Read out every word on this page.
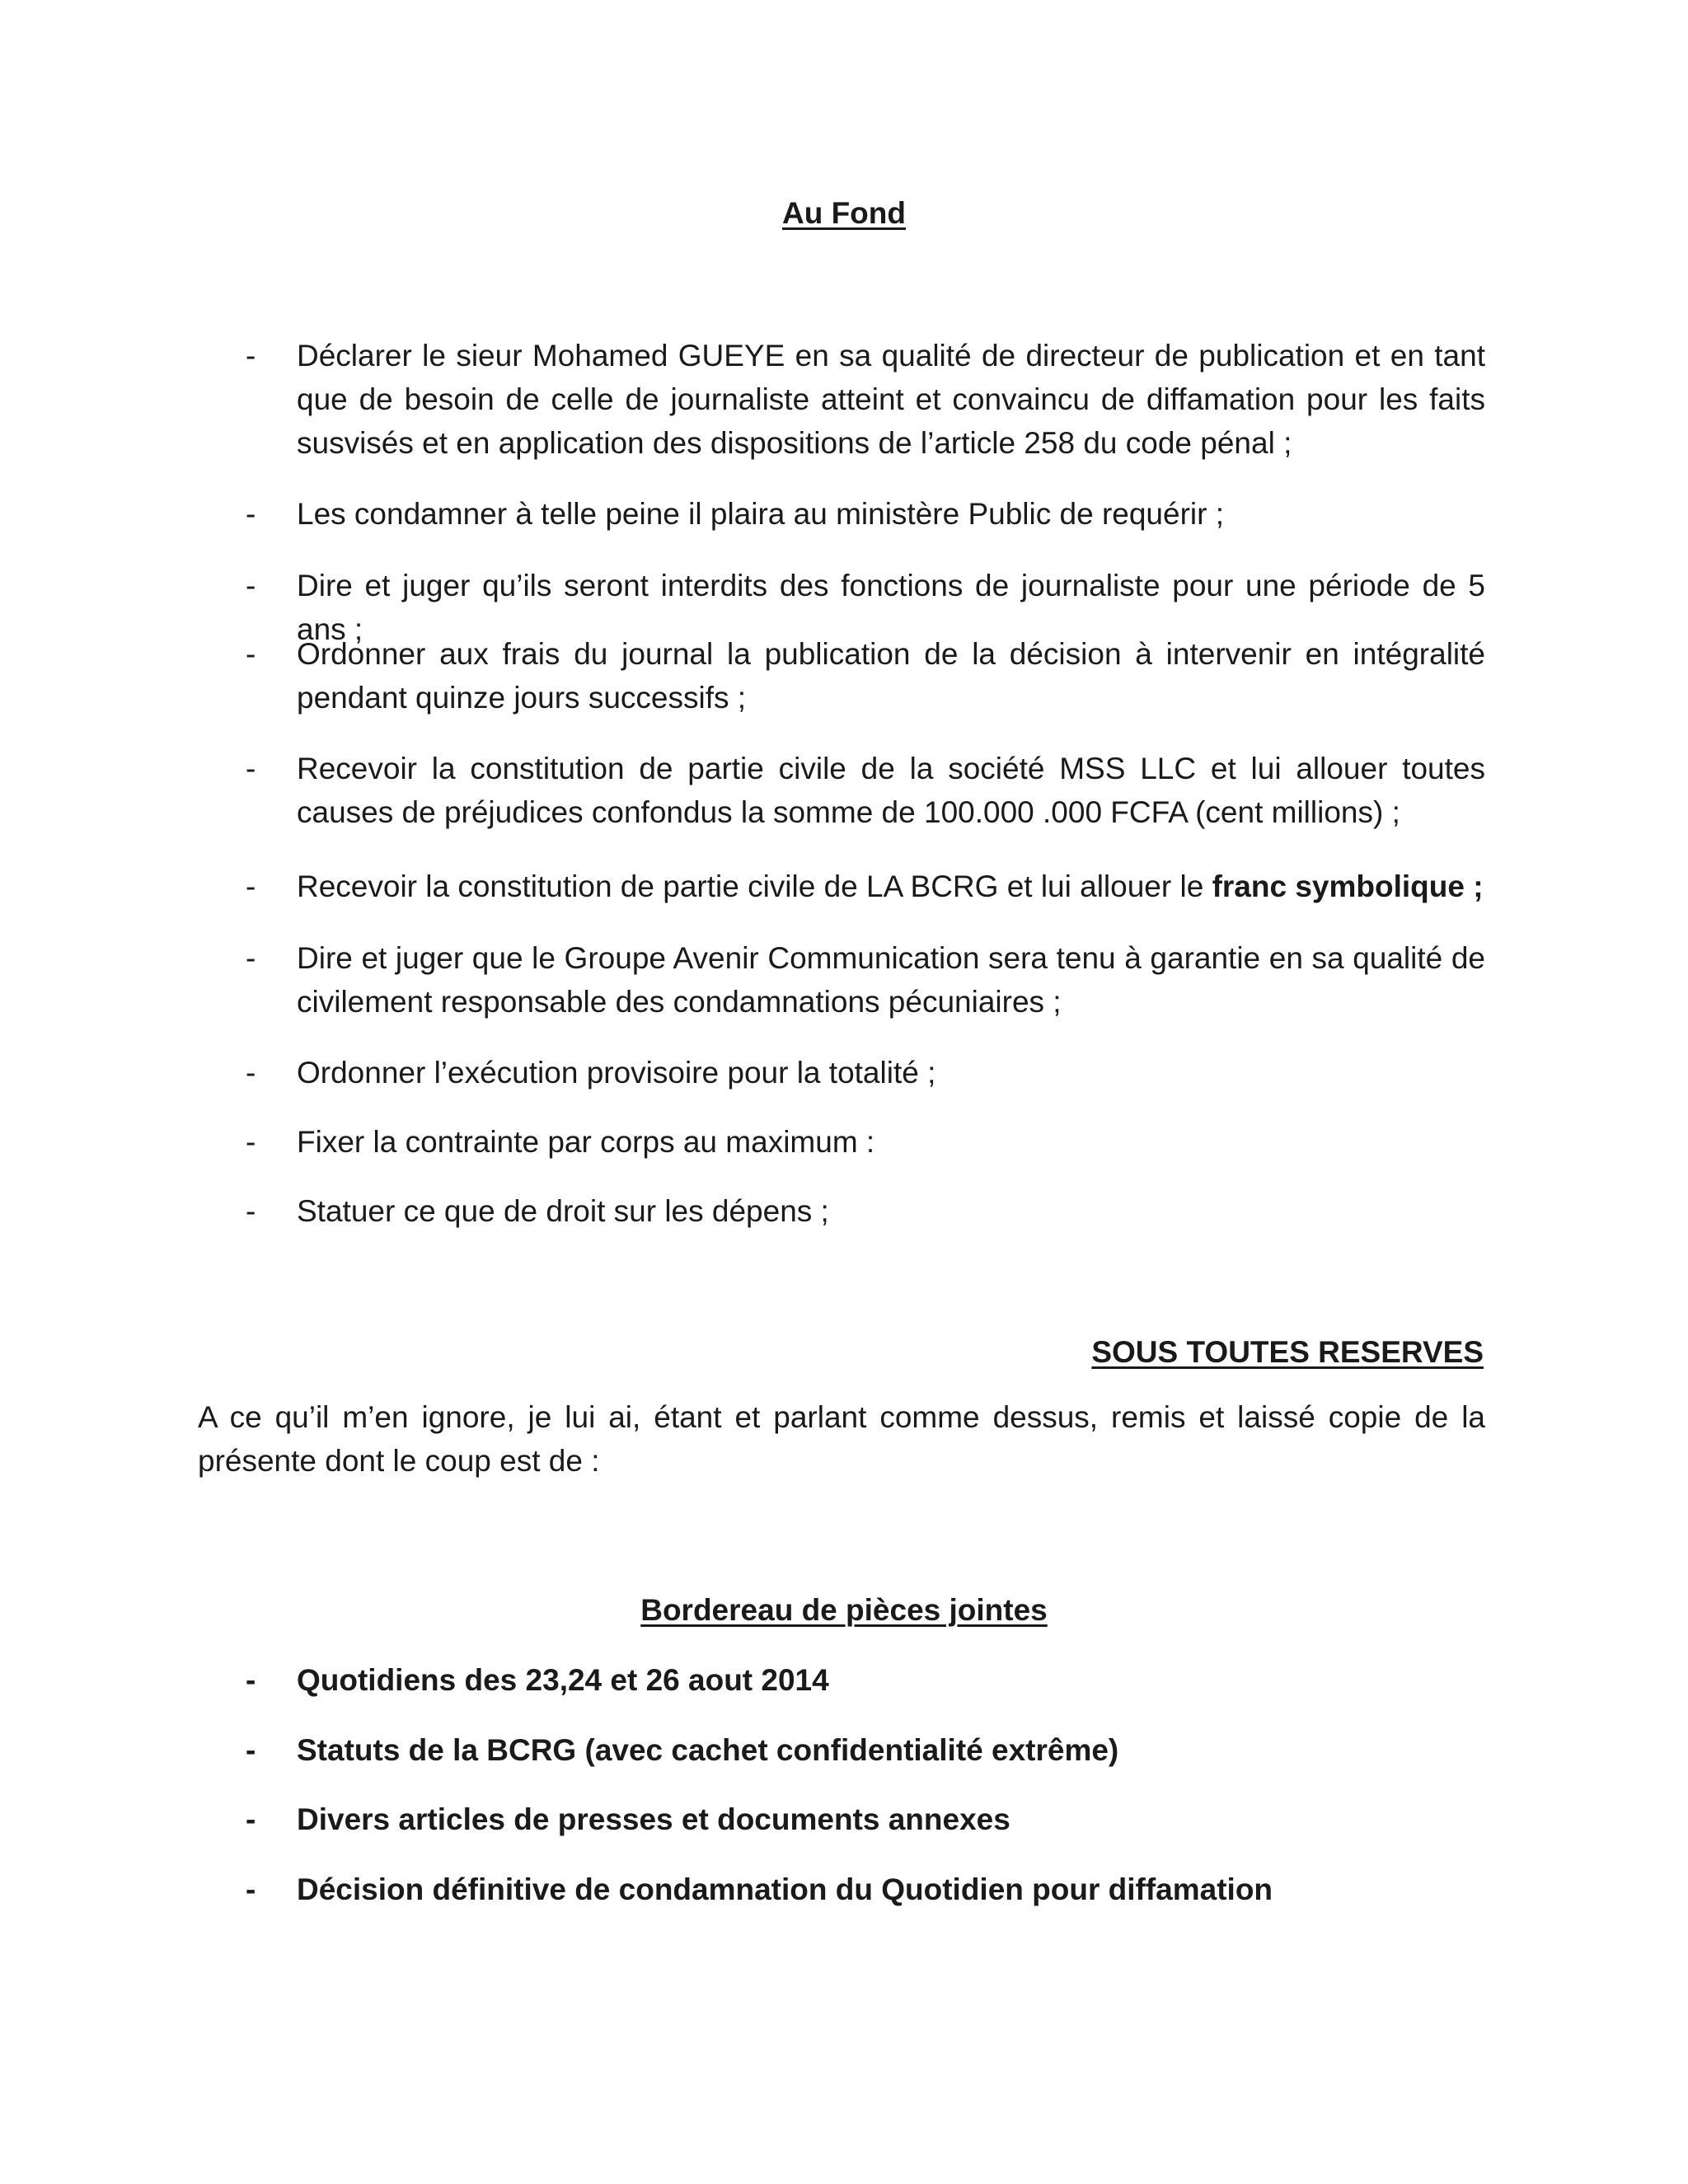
Au Fond
- Déclarer le sieur Mohamed GUEYE en sa qualité de directeur de publication et en tant que de besoin de celle de journaliste atteint et convaincu de diffamation pour les faits susvisés et en application des dispositions de l’article 258 du code pénal ;
- Les condamner à telle peine il plaira au ministère Public de requérir ;
- Dire et juger qu’ils seront interdits des fonctions de journaliste pour une période de 5 ans ;
- Ordonner aux frais du journal la publication de la décision à intervenir en intégralité pendant quinze jours successifs ;
- Recevoir la constitution de partie civile de la société MSS LLC et lui allouer toutes causes de préjudices confondus la somme de 100.000 .000 FCFA (cent millions) ;
- Recevoir la constitution de partie civile de LA BCRG et lui allouer le franc symbolique ;
- Dire et juger que le Groupe Avenir Communication sera tenu à garantie en sa qualité de civilement responsable des condamnations pécuniaires ;
- Ordonner l’exécution provisoire pour la totalité ;
- Fixer la contrainte par corps au maximum :
- Statuer ce que de droit sur les dépens ;
SOUS TOUTES RESERVES
A ce qu’il m’en ignore, je lui ai, étant et parlant comme dessus, remis et laissé copie de la présente dont le coup est de :
Bordereau de pièces jointes
- Quotidiens des 23,24 et 26 aout 2014
- Statuts de la BCRG (avec cachet confidentialité extrême)
- Divers articles de presses et documents annexes
- Décision définitive de condamnation du Quotidien pour diffamation
